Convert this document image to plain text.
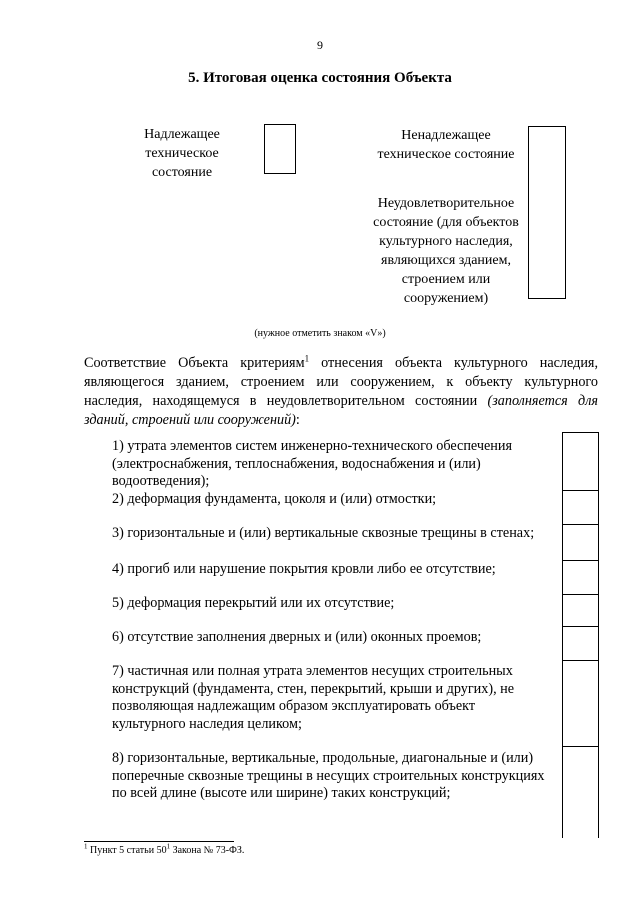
9
5. Итоговая оценка состояния Объекта
Надлежащее техническое состояние
Ненадлежащее техническое состояние
Неудовлетворительное состояние (для объектов культурного наследия, являющихся зданием, строением или сооружением)
(нужное отметить знаком «V»)
Соответствие Объекта критериям$^1$ отнесения объекта культурного наследия, являющегося зданием, строением или сооружением, к объекту культурного наследия, находящемуся в неудовлетворительном состоянии (заполняется для зданий, строений или сооружений):
1) утрата элементов систем инженерно-технического обеспечения (электроснабжения, теплоснабжения, водоснабжения и (или) водоотведения);
2) деформация фундамента, цоколя и (или) отмостки;
3) горизонтальные и (или) вертикальные сквозные трещины в стенах;
4) прогиб или нарушение покрытия кровли либо ее отсутствие;
5) деформация перекрытий или их отсутствие;
6) отсутствие заполнения дверных и (или) оконных проемов;
7) частичная или полная утрата элементов несущих строительных конструкций (фундамента, стен, перекрытий, крыши и других), не позволяющая надлежащим образом эксплуатировать объект культурного наследия целиком;
8) горизонтальные, вертикальные, продольные, диагональные и (или) поперечные сквозные трещины в несущих строительных конструкциях по всей длине (высоте или ширине) таких конструкций;
$^1$ Пункт 5 статьи $50^1$ Закона № 73-ФЗ.
